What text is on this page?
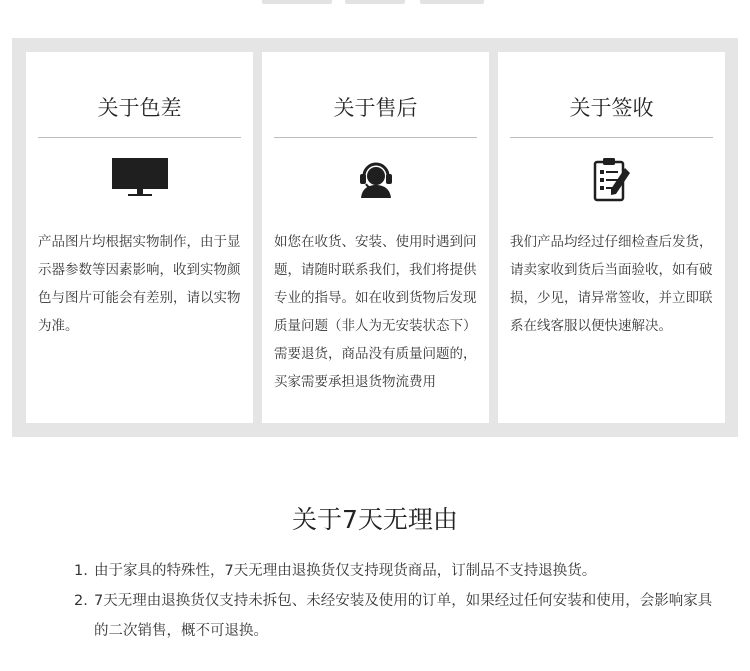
关于色差
产品图片均根据实物制作，由于显示器参数等因素影响，收到实物颜色与图片可能会有差别，请以实物为准。
关于售后
如您在收货、安装、使用时遇到问题，请随时联系我们，我们将提供专业的指导。如在收到货物后发现质量问题（非人为无安装状态下）需要退货，商品没有质量问题的，买家需要承担退货物流费用
关于签收
我们产品均经过仔细检查后发货，请卖家收到货后当面验收，如有破损，少见，请异常签收，并立即联系在线客服以便快速解决。
关于7天无理由
1. 由于家具的特殊性，7天无理由退换货仅支持现货商品，订制品不支持退换货。
2. 7天无理由退换货仅支持未拆包、未经安装及使用的订单，如果经过任何安装和使用，会影响家具的二次销售，概不可退换。
